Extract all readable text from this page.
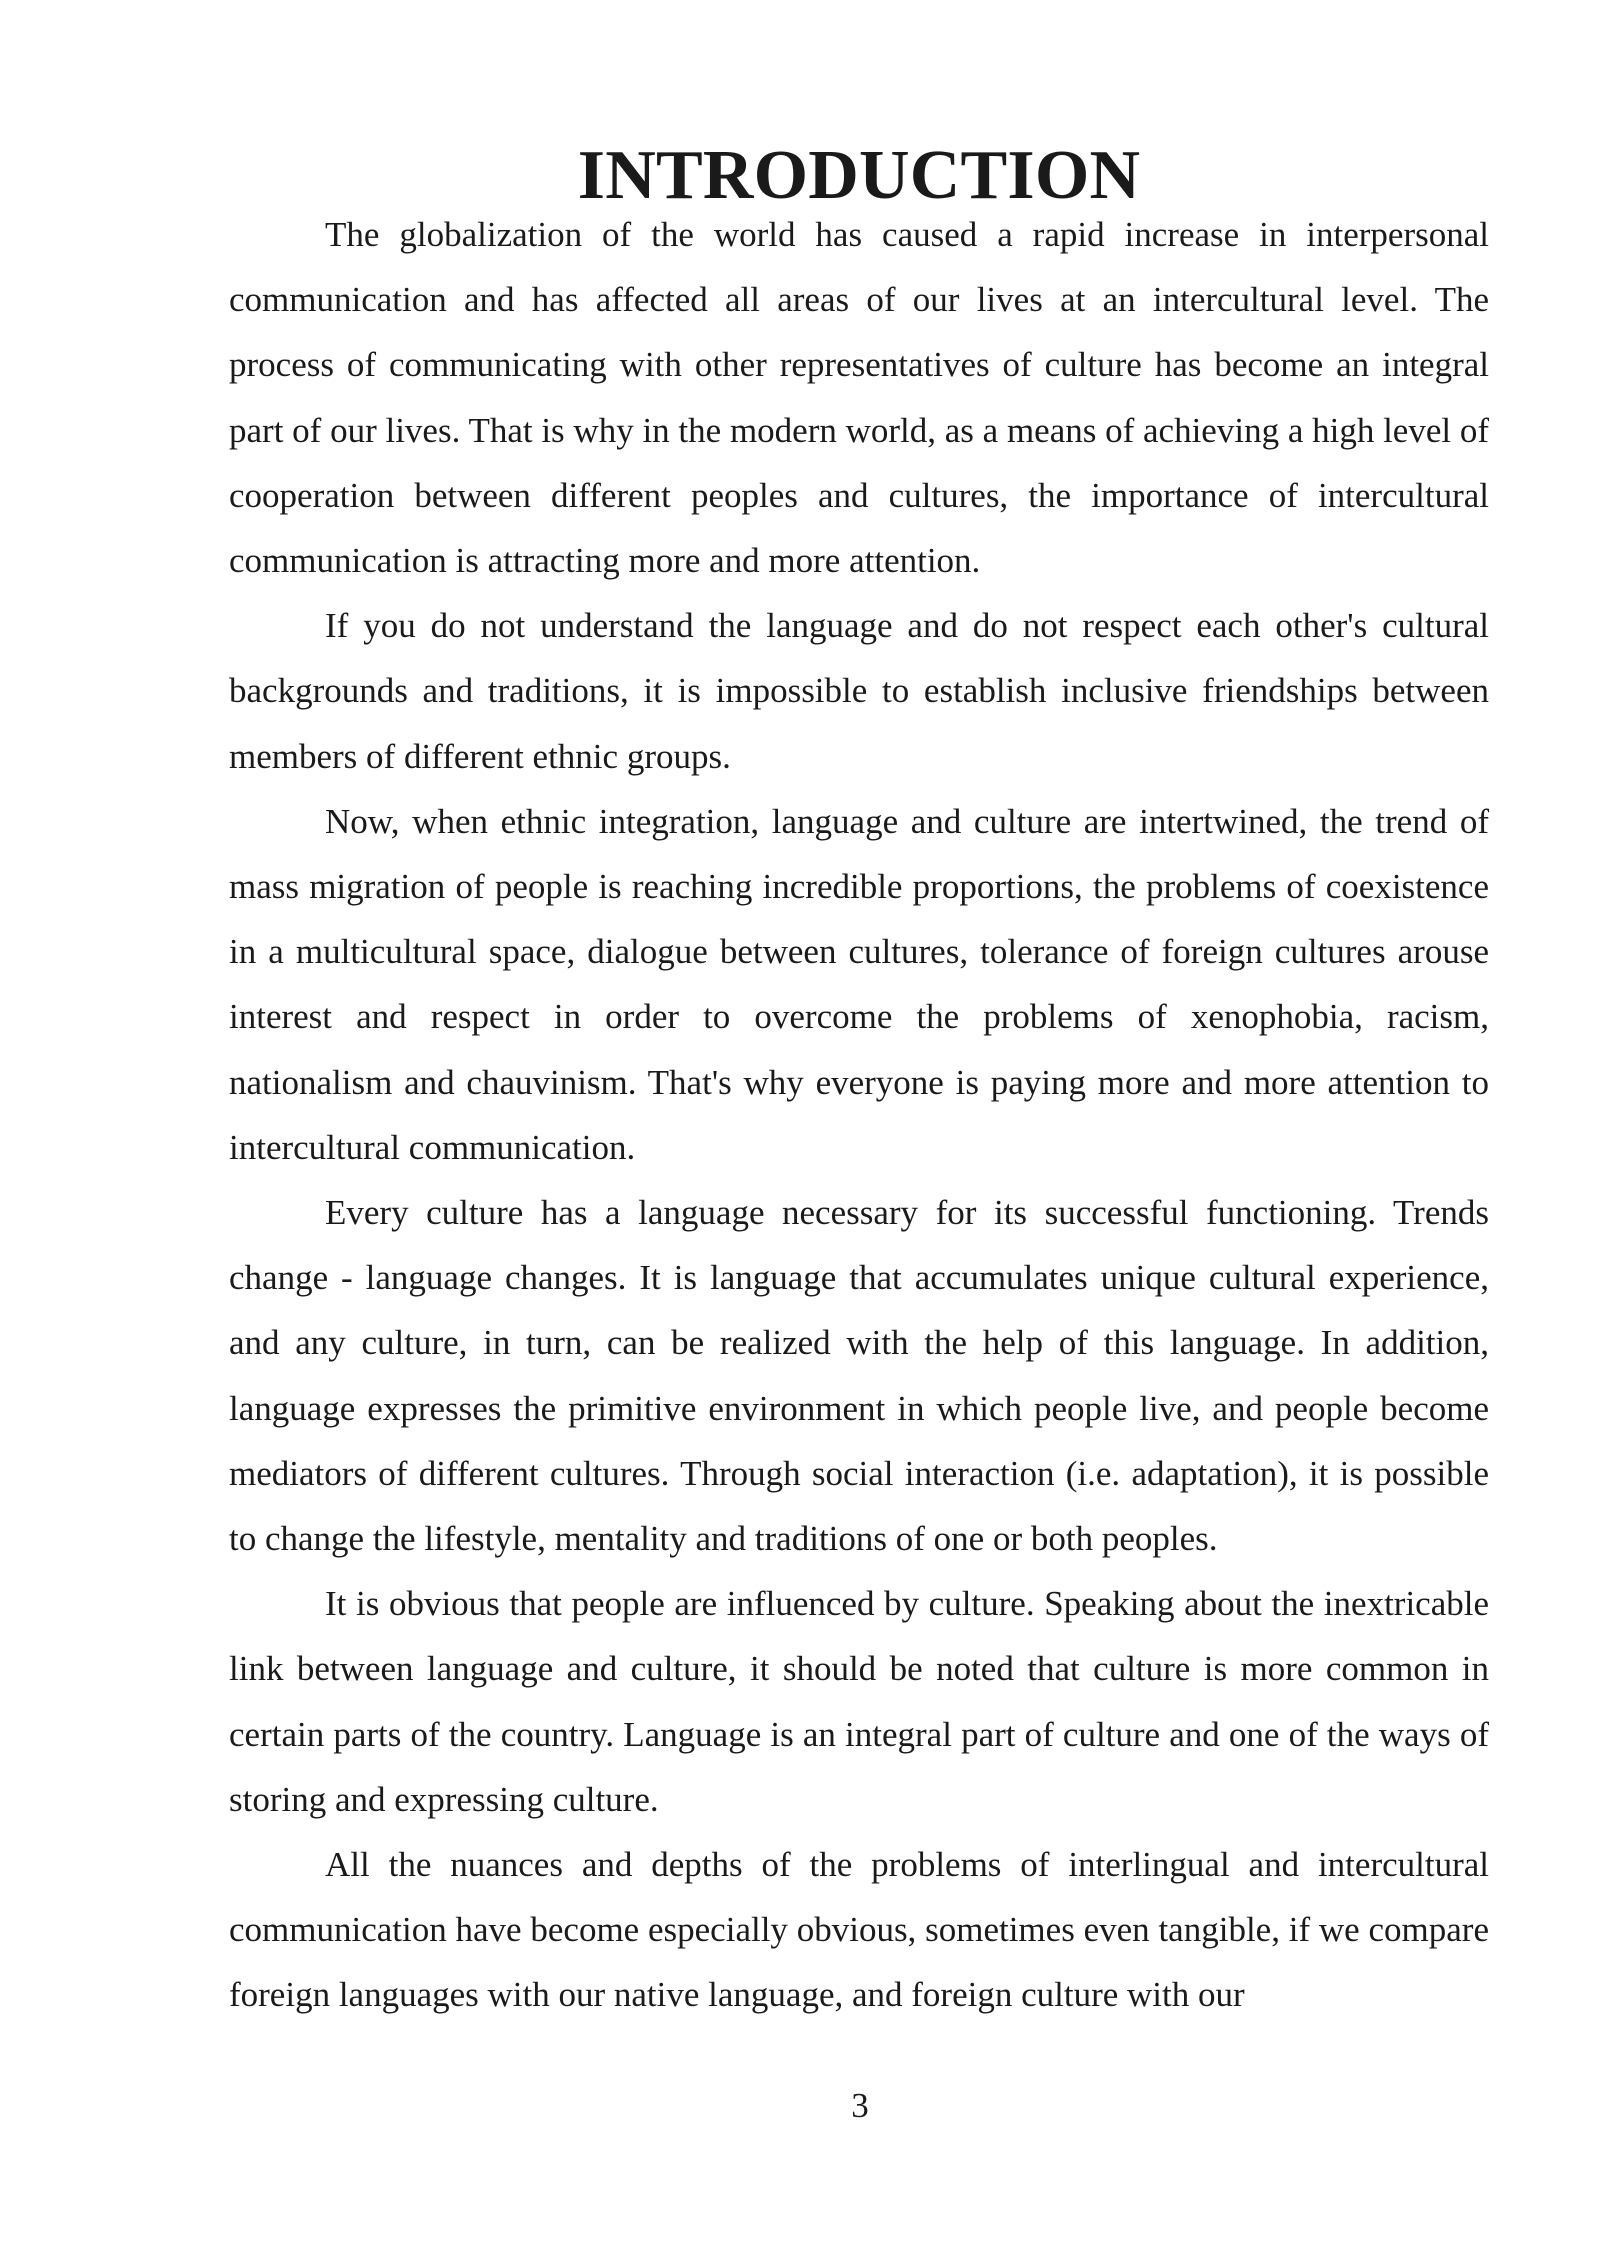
INTRODUCTION

The globalization of the world has caused a rapid increase in interpersonal communication and has affected all areas of our lives at an intercultural level. The process of communicating with other representatives of culture has become an integral part of our lives. That is why in the modern world, as a means of achieving a high level of cooperation between different peoples and cultures, the importance of intercultural communication is attracting more and more attention.

If you do not understand the language and do not respect each other's cultural backgrounds and traditions, it is impossible to establish inclusive friendships between members of different ethnic groups.

Now, when ethnic integration, language and culture are intertwined, the trend of mass migration of people is reaching incredible proportions, the problems of coexistence in a multicultural space, dialogue between cultures, tolerance of foreign cultures arouse interest and respect in order to overcome the problems of xenophobia, racism, nationalism and chauvinism. That's why everyone is paying more and more attention to intercultural communication.

Every culture has a language necessary for its successful functioning. Trends change - language changes. It is language that accumulates unique cultural experience, and any culture, in turn, can be realized with the help of this language. In addition, language expresses the primitive environment in which people live, and people become mediators of different cultures. Through social interaction (i.e. adaptation), it is possible to change the lifestyle, mentality and traditions of one or both peoples.

It is obvious that people are influenced by culture. Speaking about the inextricable link between language and culture, it should be noted that culture is more common in certain parts of the country. Language is an integral part of culture and one of the ways of storing and expressing culture.

All the nuances and depths of the problems of interlingual and intercultural communication have become especially obvious, sometimes even tangible, if we compare foreign languages with our native language, and foreign culture with our

3
